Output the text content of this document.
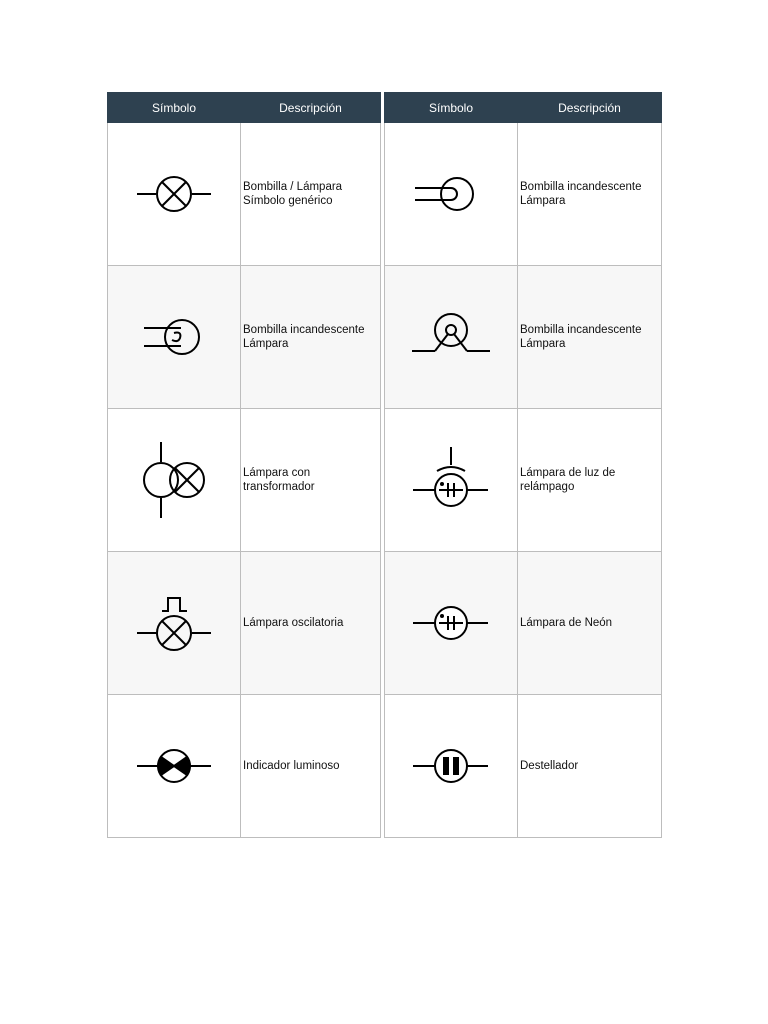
Símbolo	Descripción

Bombilla / Lámpara
Símbolo genérico

Bombilla incandescente
Lámpara

Lámpara con
transformador

Lámpara oscilatoria

Indicador luminoso
Símbolo	Descripción

Bombilla incandescente
Lámpara

Bombilla incandescente
Lámpara

Lámpara de luz de
relámpago

Lámpara de Neón

Destellador
